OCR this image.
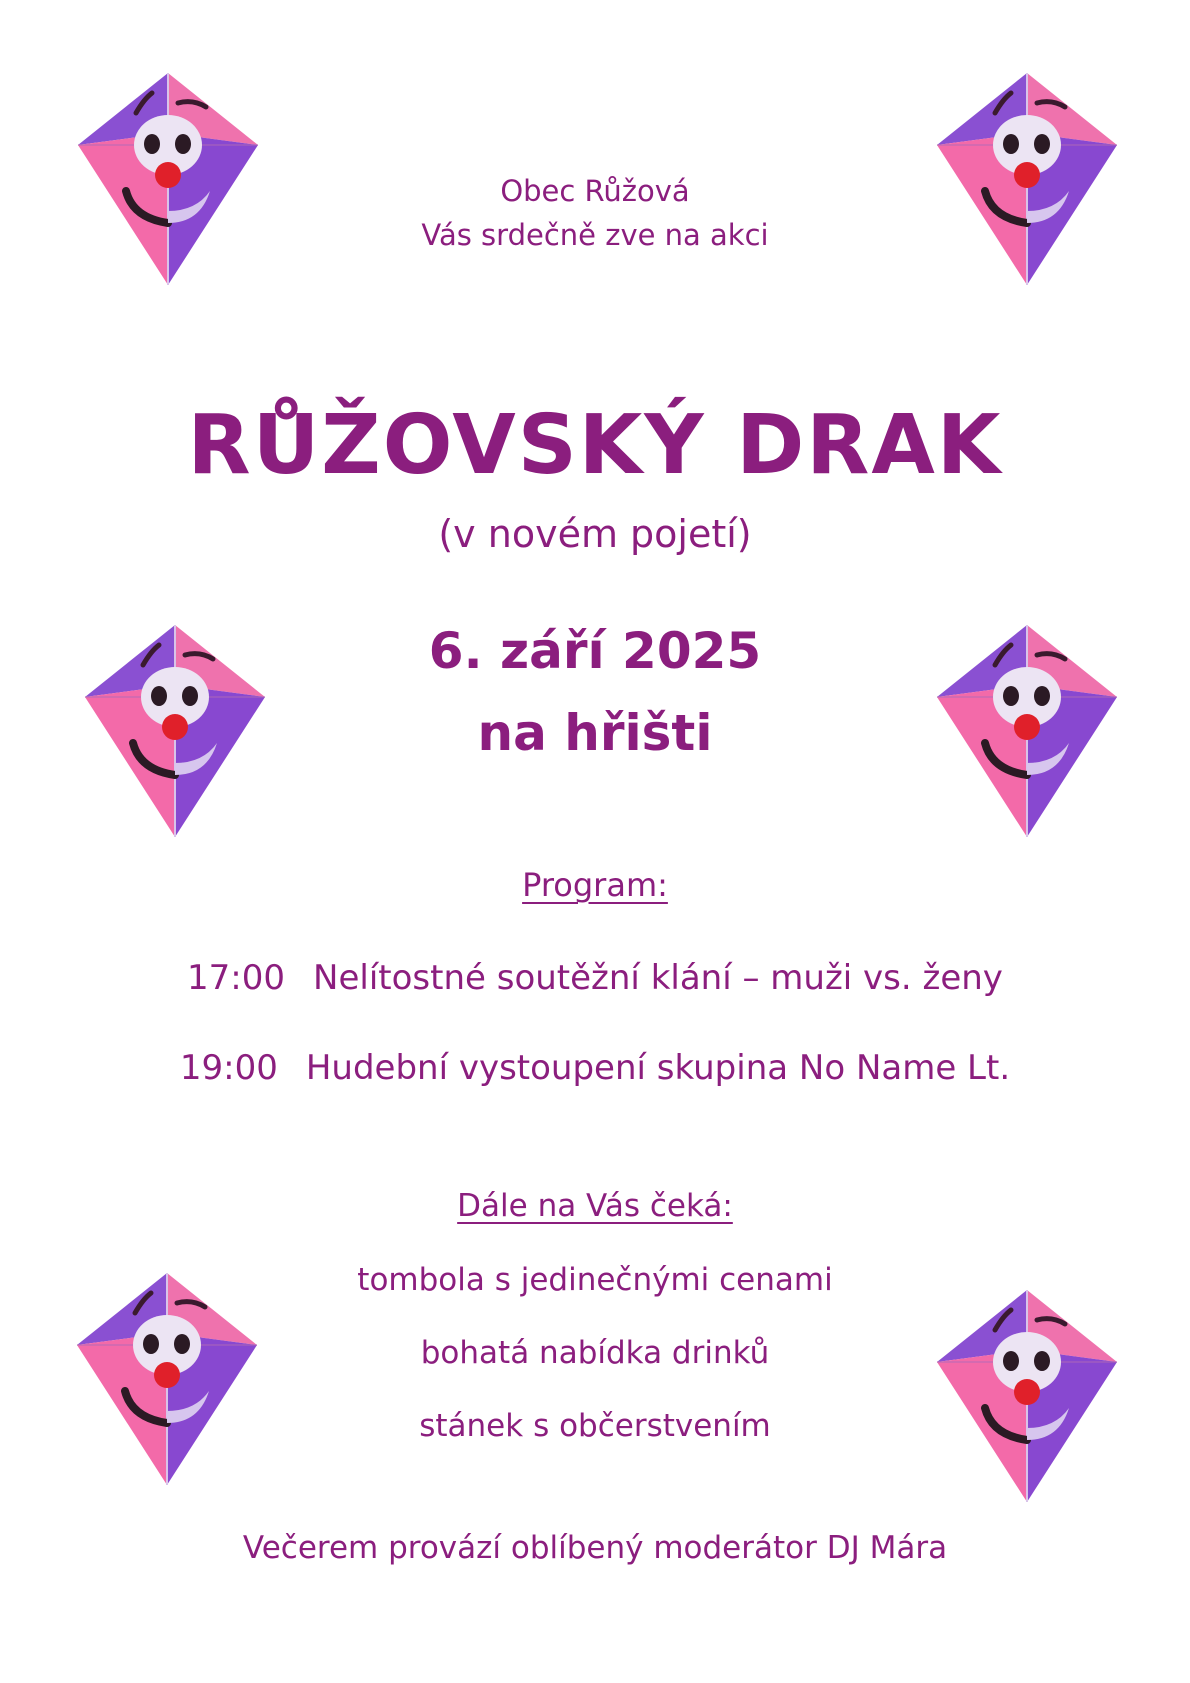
Obec Růžová
Vás srdečně zve na akci
RŮŽOVSKÝ DRAK
(v novém pojetí)
6. září 2025
na hřišti
Program:
17:00 Nelítostné soutěžní klání – muži vs. ženy
19:00 Hudební vystoupení skupina No Name Lt.
Dále na Vás čeká:
tombola s jedinečnými cenami
bohatá nabídka drinků
stánek s občerstvením
Večerem provází oblíbený moderátor DJ Mára
